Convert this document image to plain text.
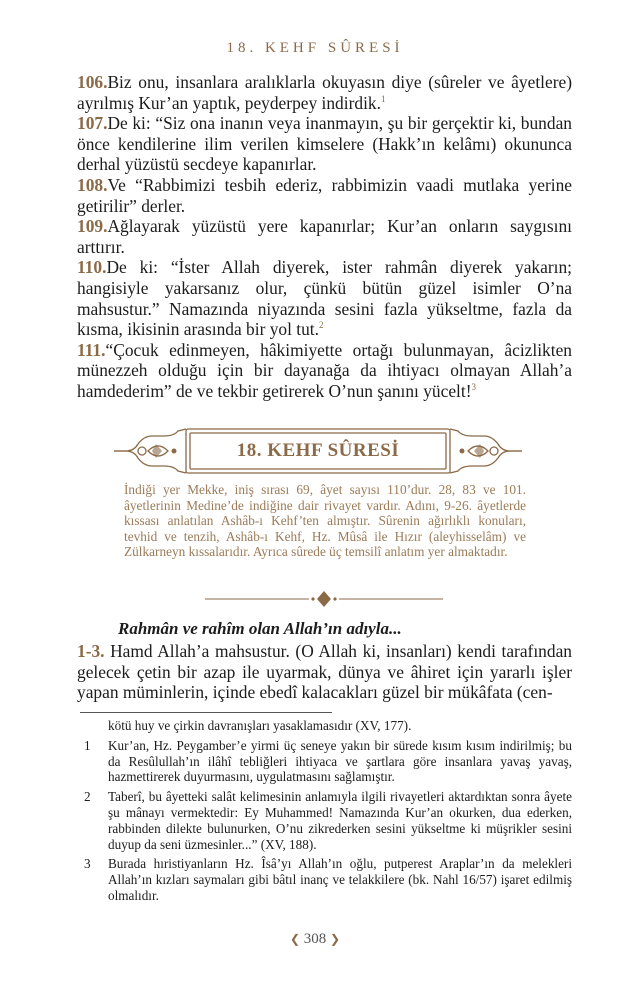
18. KEHF SÛRESİ

106.Biz onu, insanlara aralıklarla okuyasın diye (sûreler ve âyetlere) ayrılmış Kur’an yaptık, peyderpey indirdik.$^1$

107.De ki: “Siz ona inanın veya inanmayın, şu bir gerçektir ki, bundan önce kendilerine ilim verilen kimselere (Hakk’ın kelâmı) okununca derhal yüzüstü secdeye kapanırlar.

108.Ve “Rabbimizi tesbih ederiz, rabbimizin vaadi mutlaka yerine getirilir” derler.

109.Ağlayarak yüzüstü yere kapanırlar; Kur’an onların saygısını arttırır.

110.De ki: “İster Allah diyerek, ister rahmân diyerek yakarın; hangisiyle yakarsanız olur, çünkü bütün güzel isimler O’na mahsustur.” Namazında niyazında sesini fazla yükseltme, fazla da kısma, ikisinin arasında bir yol tut.$^2$

111.“Çocuk edinmeyen, hâkimiyette ortağı bulunmayan, âcizlikten münezzeh olduğu için bir dayanağa da ihtiyacı olmayan Allah’a hamdederim” de ve tekbir getirerek O’nun şanını yücelt!$^3$

18. KEHF SÛRESİ

İndiği yer Mekke, iniş sırası 69, âyet sayısı 110’dur. 28, 83 ve 101. âyetlerinin Medine’de indiğine dair rivayet vardır. Adını, 9-26. âyetlerde kıssası anlatılan Ashâb-ı Kehf’ten almıştır. Sûrenin ağırlıklı konuları, tevhid ve tenzih, Ashâb-ı Kehf, Hz. Mûsâ ile Hızır (aleyhisselâm) ve Zülkarneyn kıssalarıdır. Ayrıca sûrede üç temsilî anlatım yer almaktadır.

Rahmân ve rahîm olan Allah’ın adıyla...

1-3. Hamd Allah’a mahsustur. (O Allah ki, insanları) kendi tarafından gelecek çetin bir azap ile uyarmak, dünya ve âhiret için yararlı işler yapan müminlerin, içinde ebedî kalacakları güzel bir mükâfata (cen-

kötü huy ve çirkin davranışları yasaklamasıdır (XV, 177).

1 Kur’an, Hz. Peygamber’e yirmi üç seneye yakın bir sürede kısım kısım indirilmiş; bu da Resûlullah’ın ilâhî tebliğleri ihtiyaca ve şartlara göre insanlara yavaş yavaş, hazmettirerek duyurmasını, uygulatmasını sağlamıştır.

2 Taberî, bu âyetteki salât kelimesinin anlamıyla ilgili rivayetleri aktardıktan sonra âyete şu mânayı vermektedir: Ey Muhammed! Namazında Kur’an okurken, dua ederken, rabbinden dilekte bulunurken, O’nu zikrederken sesini yükseltme ki müşrikler sesini duyup da seni üzmesinler...” (XV, 188).

3 Burada hıristiyanların Hz. Îsâ’yı Allah’ın oğlu, putperest Araplar’ın da melekleri Allah’ın kızları saymaları gibi bâtıl inanç ve telakkilere (bk. Nahl 16/57) işaret edilmiş olmalıdır.

❮ 308 ❯
